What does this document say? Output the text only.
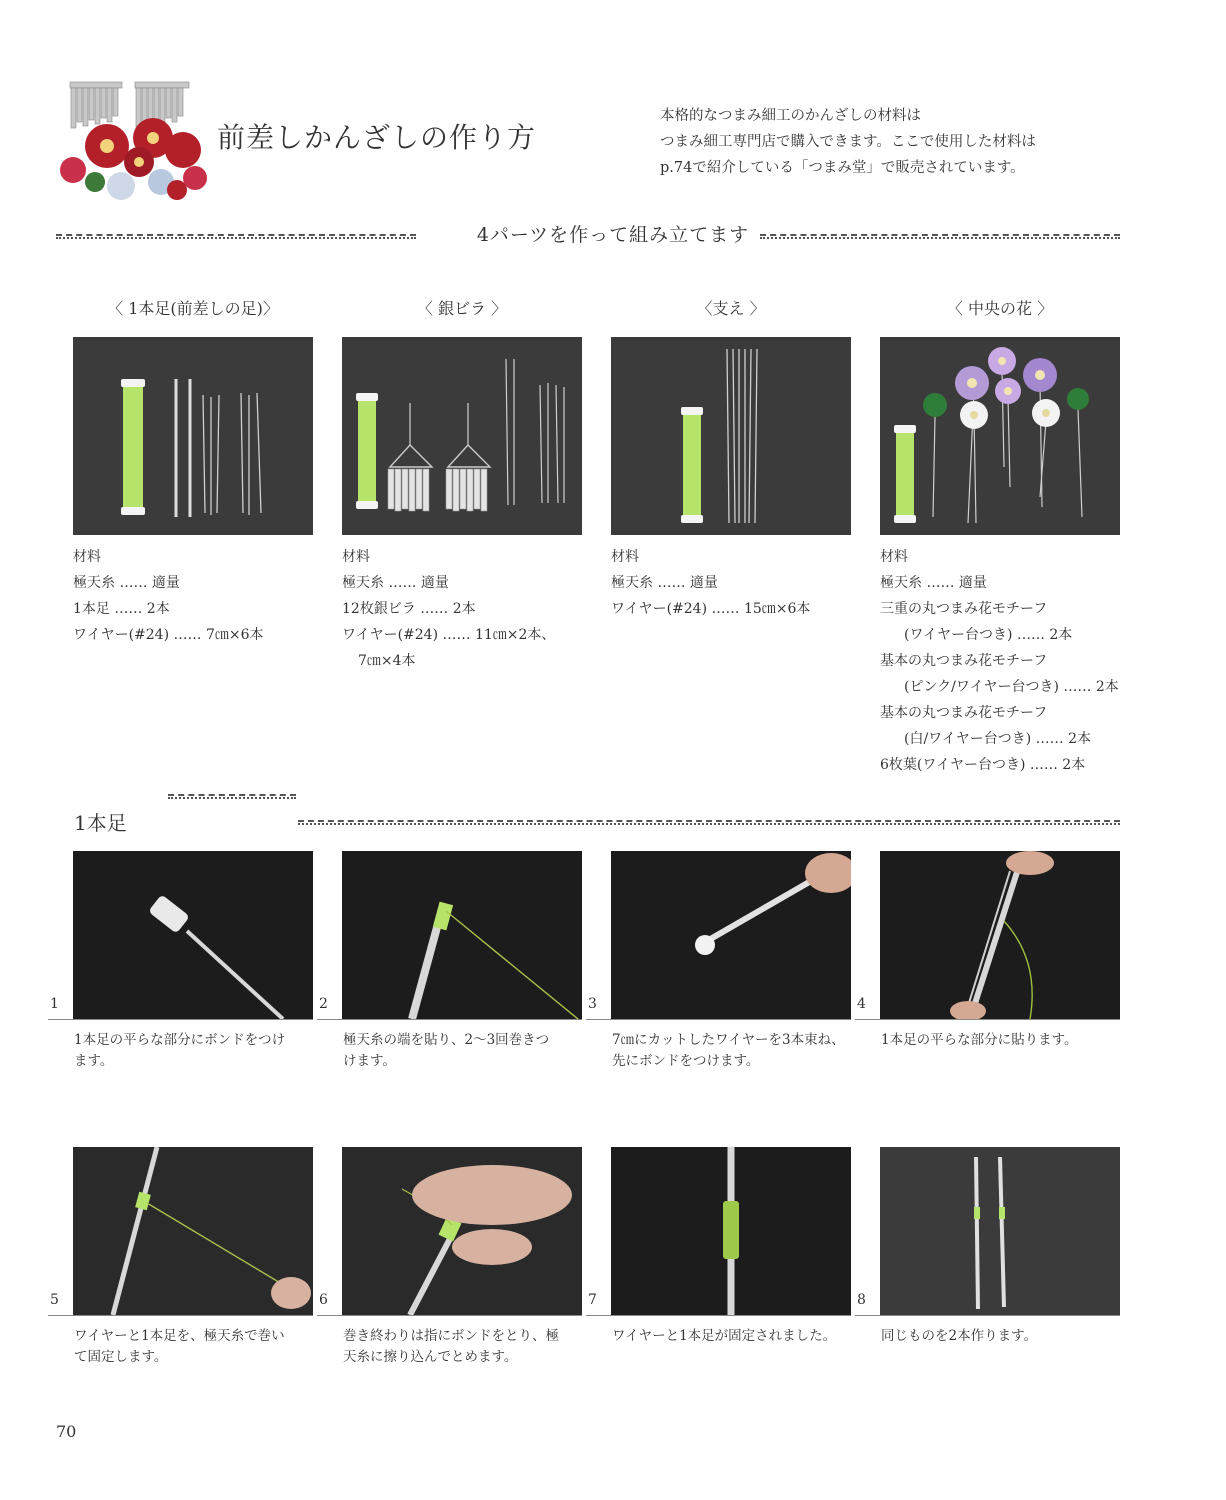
前差しかんざしの作り方
本格的なつまみ細工のかんざしの材料は
つまみ細工専門店で購入できます。ここで使用した材料は
p.74で紹介している「つまみ堂」で販売されています。
4パーツを作って組み立てます
〈 1本足(前差しの足)〉	〈 銀ビラ 〉	〈支え 〉	〈 中央の花 〉
材料
極天糸 …… 適量
1本足 …… 2本
ワイヤー(#24) …… 7㎝×6本
材料
極天糸 …… 適量
12枚銀ビラ …… 2本
ワイヤー(#24) …… 11㎝×2本、
7㎝×4本
材料
極天糸 …… 適量
ワイヤー(#24) …… 15㎝×6本
材料
極天糸 …… 適量
三重の丸つまみ花モチーフ
(ワイヤー台つき) …… 2本
基本の丸つまみ花モチーフ
(ピンク/ワイヤー台つき) …… 2本
基本の丸つまみ花モチーフ
(白/ワイヤー台つき) …… 2本
6枚葉(ワイヤー台つき) …… 2本
1本足
1	2	3	4
1本足の平らな部分にボンドをつけ
ます。
極天糸の端を貼り、2〜3回巻きつ
けます。
7㎝にカットしたワイヤーを3本束ね、
先にボンドをつけます。
1本足の平らな部分に貼ります。
5	6	7	8
ワイヤーと1本足を、極天糸で巻い
て固定します。
巻き終わりは指にボンドをとり、極
天糸に擦り込んでとめます。
ワイヤーと1本足が固定されました。	同じものを2本作ります。
70
